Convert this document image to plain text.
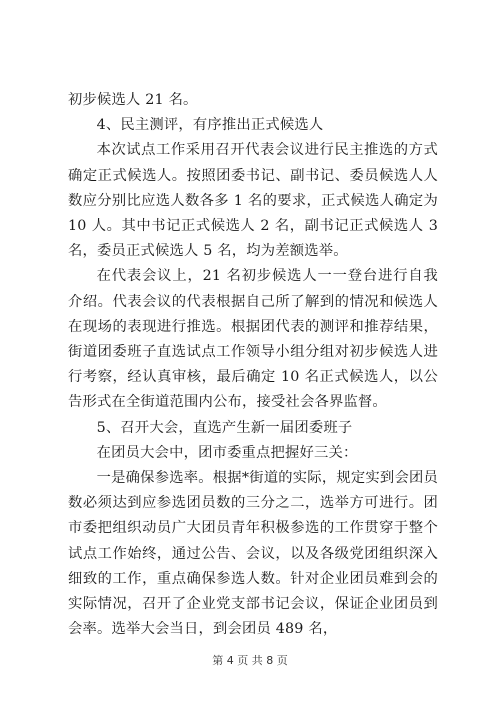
初步候选人 21 名。

4、民主测评，有序推出正式候选人

本次试点工作采用召开代表会议进行民主推选的方式确定正式候选人。按照团委书记、副书记、委员候选人人数应分别比应选人数各多 1 名的要求，正式候选人确定为 10 人。其中书记正式候选人 2 名，副书记正式候选人 3 名，委员正式候选人 5 名，均为差额选举。

在代表会议上，21 名初步候选人一一登台进行自我介绍。代表会议的代表根据自己所了解到的情况和候选人在现场的表现进行推选。根据团代表的测评和推荐结果，街道团委班子直选试点工作领导小组分组对初步候选人进行考察，经认真审核，最后确定 10 名正式候选人，以公告形式在全街道范围内公布，接受社会各界监督。

5、召开大会，直选产生新一届团委班子

在团员大会中，团市委重点把握好三关：

一是确保参选率。根据*街道的实际，规定实到会团员数必须达到应参选团员数的三分之二，选举方可进行。团市委把组织动员广大团员青年积极参选的工作贯穿于整个试点工作始终，通过公告、会议，以及各级党团组织深入细致的工作，重点确保参选人数。针对企业团员难到会的实际情况，召开了企业党支部书记会议，保证企业团员到会率。选举大会当日，到会团员 489 名，

第 4 页 共 8 页
